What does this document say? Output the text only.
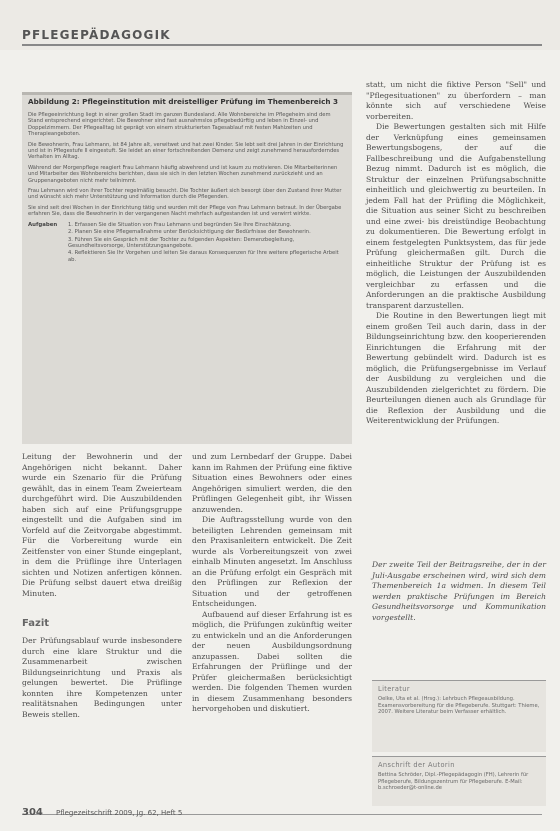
PFLEGEPÄDAGOGIK
Abbildung 2: Pflegeinstitution mit dreistelliger Prüfung im Themenbereich 3

Die Pflegeeinrichtung liegt in einer großen Stadt im ganzen Bundesland. Alle Wohnbereiche im Pflegeheim sind dem Stand entsprechend eingerichtet. Die Bewohner sind fast ausnahmslos pflegebedürftig und leben in Einzel- und Doppelzimmern. Der Pflegealltag ist geprägt von einem strukturierten Tagesablauf mit festen Mahlzeiten und Therapieangeboten.

Die Bewohnerin, Frau Lehmann, ist 84 Jahre alt, verwitwet und hat zwei Kinder. Sie lebt seit drei Jahren in der Einrichtung und ist in Pflegestufe II eingestuft. Sie leidet an einer fortschreitenden Demenz und zeigt zunehmend herausforderndes Verhalten im Alltag.

Während der Morgenpflege reagiert Frau Lehmann häufig abwehrend und ist kaum zu motivieren. Die Mitarbeiterinnen und Mitarbeiter des Wohnbereichs berichten, dass sie sich in den letzten Wochen zunehmend zurückzieht und an Gruppenangeboten nicht mehr teilnimmt.

Frau Lehmann wird von ihrer Tochter regelmäßig besucht. Die Tochter äußert sich besorgt über den Zustand ihrer Mutter und wünscht sich mehr Unterstützung und Information durch die Pflegenden.

Sie sind seit drei Wochen in der Einrichtung tätig und wurden mit der Pflege von Frau Lehmann betraut. In der Übergabe erfahren Sie, dass die Bewohnerin in der vergangenen Nacht mehrfach aufgestanden ist und verwirrt wirkte.

Aufgaben	1. Erfassen Sie die Situation von Frau Lehmann und begründen Sie Ihre Einschätzung.
2. Planen Sie eine Pflegemaßnahme unter Berücksichtigung der Bedürfnisse der Bewohnerin.
3. Führen Sie ein Gespräch mit der Tochter zu folgenden Aspekten: Demenzbegleitung, Gesundheitsvorsorge, Unterstützungsangebote.
4. Reflektieren Sie Ihr Vorgehen und leiten Sie daraus Konsequenzen für Ihre weitere pflegerische Arbeit ab.

statt, um nicht die fiktive Person "Sell" und "Pflegesituationen" zu überfordern – man könnte sich auf verschiedene Weise vorbereiten.

Die Bewertungen gestalten sich mit Hilfe der Verknüpfung eines gemeinsamen Bewertungsbogens, der auf die Fallbeschreibung und die Aufgabenstellung Bezug nimmt. Dadurch ist es möglich, die Struktur der einzelnen Prüfungsabschnitte einheitlich und gleichwertig zu beurteilen. In jedem Fall hat der Prüfling die Möglichkeit, die Situation aus seiner Sicht zu beschreiben und eine zwei- bis dreistündige Beobachtung zu dokumentieren. Die Bewertung erfolgt in einem festgelegten Punktsystem, das für jede Prüfung gleichermaßen gilt. Durch die einheitliche Struktur der Prüfung ist es möglich, die Leistungen der Auszubildenden vergleichbar zu erfassen und die Anforderungen an die praktische Ausbildung transparent darzustellen.

Die Routine in den Bewertungen liegt mit einem großen Teil auch darin, dass in der Bildungseinrichtung bzw. den kooperierenden Einrichtungen die Erfahrung mit der Bewertung gebündelt wird. Dadurch ist es möglich, die Prüfungsergebnisse im Verlauf der Ausbildung zu vergleichen und die Auszubildenden zielgerichtet zu fördern. Die Beurteilungen dienen auch als Grundlage für die Reflexion der Ausbildung und die Weiterentwicklung der Prüfungen.

Der zweite Teil der Beitragsreihe, der in der Juli-Ausgabe erscheinen wird, wird sich dem Themenbereich 1a widmen. In diesem Teil werden praktische Prüfungen im Bereich Gesundheitsvorsorge und Kommunikation vorgestellt.

Leitung der Bewohnerin und der Angehörigen nicht bekannt. Daher wurde ein Szenario für die Prüfung gewählt, das in einem Team Zweierteam durchgeführt wird. Die Auszubildenden haben sich auf eine Prüfungsgruppe eingestellt und die Aufgaben sind im Vorfeld auf die Zeitvorgabe abgestimmt. Für die Vorbereitung wurde ein Zeitfenster von einer Stunde eingeplant, in dem die Prüflinge ihre Unterlagen sichten und Notizen anfertigen können. Die Prüfung selbst dauert etwa dreißig Minuten.

Fazit
Der Prüfungsablauf wurde insbesondere durch eine klare Struktur und die Zusammenarbeit zwischen Bildungseinrichtung und Praxis als gelungen bewertet. Die Prüflinge konnten ihre Kompetenzen unter realitätsnahen Bedingungen unter Beweis stellen.

und zum Lernbedarf der Gruppe. Dabei kann im Rahmen der Prüfung eine fiktive Situation eines Bewohners oder eines Angehörigen simuliert werden, die den Prüflingen Gelegenheit gibt, ihr Wissen anzuwenden.

Die Auftragsstellung wurde von den beteiligten Lehrenden gemeinsam mit den Praxisanleitern entwickelt. Die Zeit wurde als Vorbereitungszeit von zwei einhalb Minuten angesetzt. Im Anschluss an die Prüfung erfolgt ein Gespräch mit den Prüflingen zur Reflexion der Situation und der getroffenen Entscheidungen.

Aufbauend auf dieser Erfahrung ist es möglich, die Prüfungen zukünftig weiter zu entwickeln und an die Anforderungen der neuen Ausbildungsordnung anzupassen. Dabei sollten die Erfahrungen der Prüflinge und der Prüfer gleichermaßen berücksichtigt werden. Die folgenden Themen wurden in diesem Zusammenhang besonders hervorgehoben und diskutiert.

Literatur
Oelke, Uta et al. (Hrsg.): Lehrbuch Pflegeausbildung. Examensvorbereitung für die Pflegeberufe. Stuttgart: Thieme, 2007. Weitere Literatur beim Verfasser erhältlich.
Anschrift der Autorin
Bettina Schröder, Dipl.-Pflegepädagogin (FH), Lehrerin für Pflegeberufe, Bildungszentrum für Pflegeberufe. E-Mail: b.schroeder@t-online.de
304 Pflegezeitschrift 2009, Jg. 62, Heft 5
